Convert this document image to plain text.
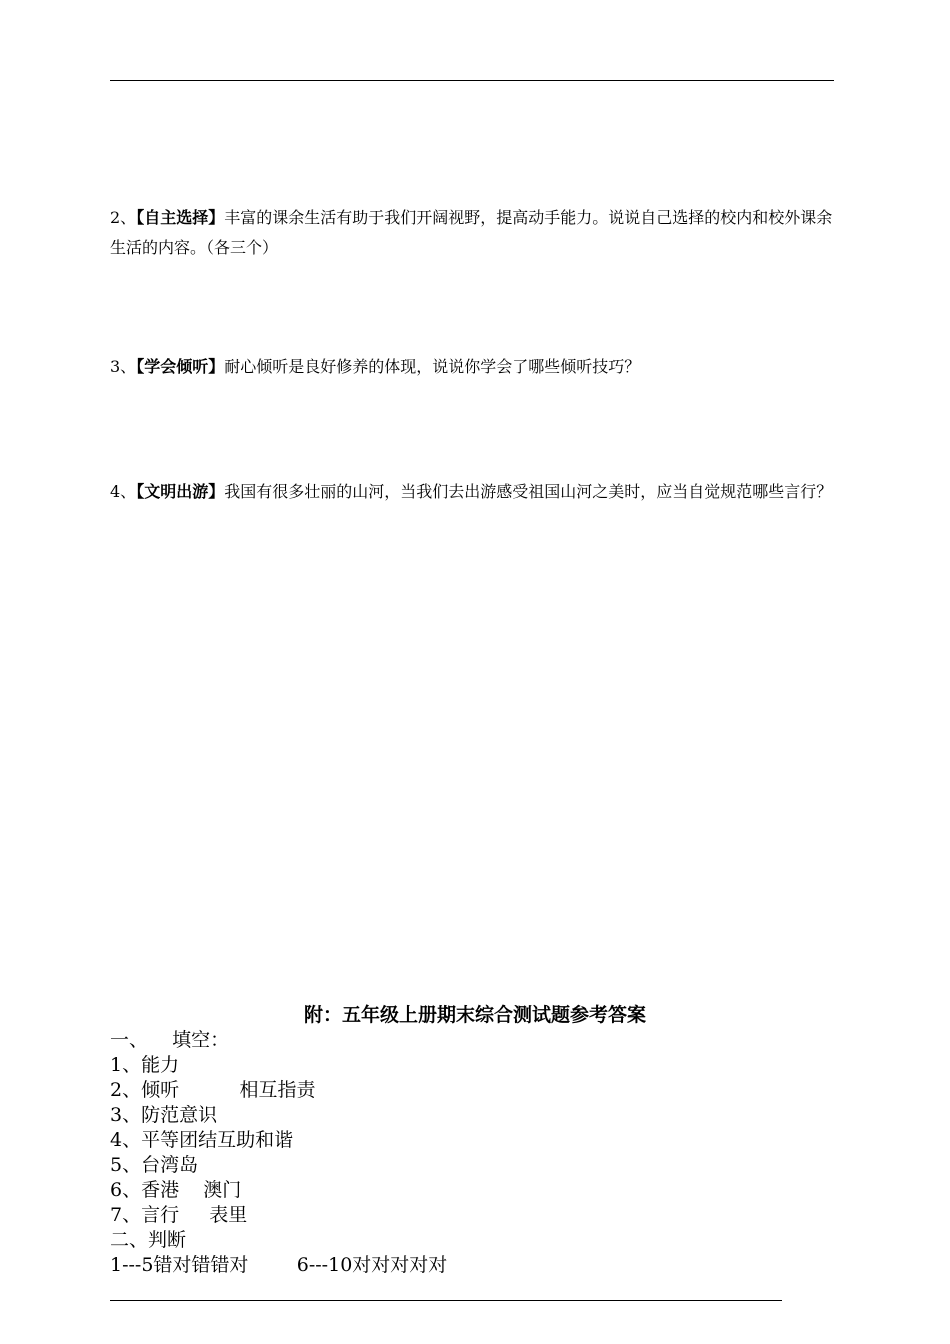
2、【自主选择】丰富的课余生活有助于我们开阔视野，提高动手能力。说说自己选择的校内和校外课余生活的内容。（各三个）
3、【学会倾听】耐心倾听是良好修养的体现，说说你学会了哪些倾听技巧？
4、【文明出游】我国有很多壮丽的山河，当我们去出游感受祖国山河之美时，应当自觉规范哪些言行？
附：五年级上册期末综合测试题参考答案
一、    填空：
1、能力
2、倾听          相互指责
3、防范意识
4、平等团结互助和谐
5、台湾岛
6、香港    澳门
7、言行     表里
二、判断
1---5错对错错对        6---10对对对对对
